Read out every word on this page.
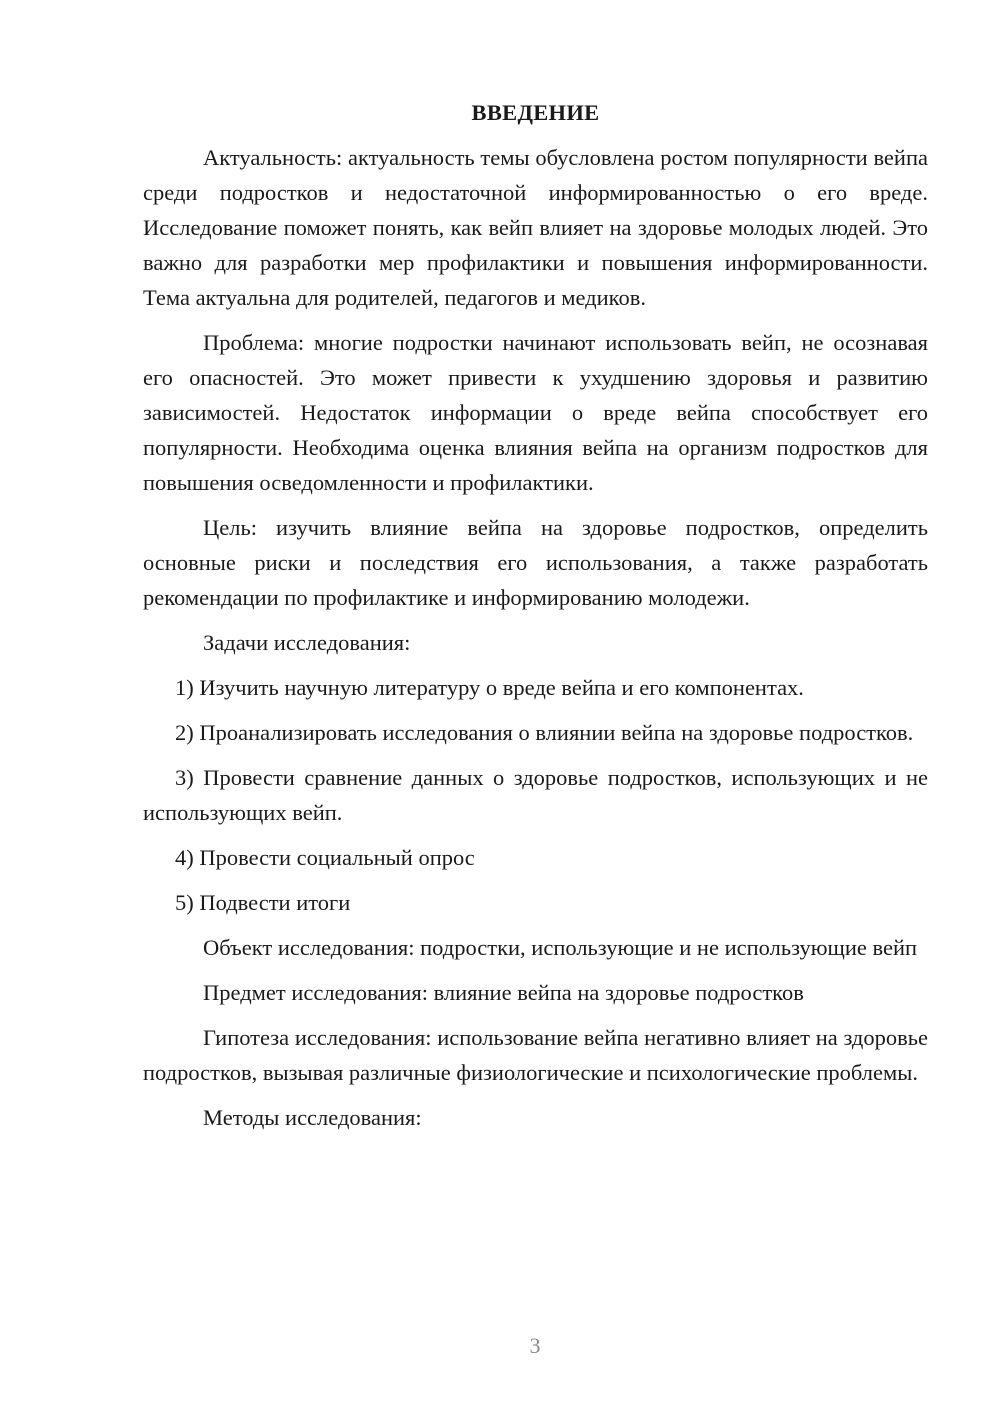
ВВЕДЕНИЕ

Актуальность: актуальность темы обусловлена ростом популярности вейпа среди подростков и недостаточной информированностью о его вреде. Исследование поможет понять, как вейп влияет на здоровье молодых людей. Это важно для разработки мер профилактики и повышения информированности. Тема актуальна для родителей, педагогов и медиков.

Проблема: многие подростки начинают использовать вейп, не осознавая его опасностей. Это может привести к ухудшению здоровья и развитию зависимостей. Недостаток информации о вреде вейпа способствует его популярности. Необходима оценка влияния вейпа на организм подростков для повышения осведомленности и профилактики.

Цель: изучить влияние вейпа на здоровье подростков, определить основные риски и последствия его использования, а также разработать рекомендации по профилактике и информированию молодежи.

Задачи исследования:

1) Изучить научную литературу о вреде вейпа и его компонентах.

2) Проанализировать исследования о влиянии вейпа на здоровье подростков.

3) Провести сравнение данных о здоровье подростков, использующих и не использующих вейп.

4) Провести социальный опрос

5) Подвести итоги

Объект исследования: подростки, использующие и не использующие вейп

Предмет исследования: влияние вейпа на здоровье подростков

Гипотеза исследования: использование вейпа негативно влияет на здоровье подростков, вызывая различные физиологические и психологические проблемы.

Методы исследования:

3
